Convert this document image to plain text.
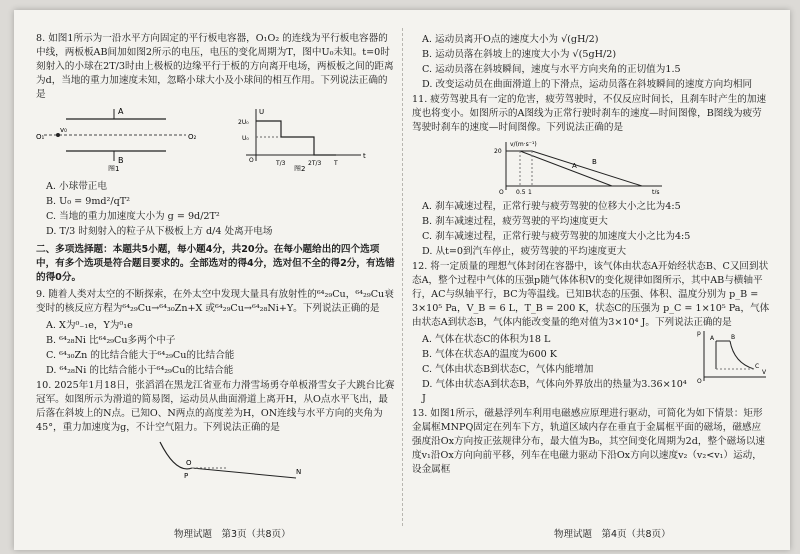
8. 如图1所示为一沿水平方向固定的平行板电容器，O₁O₂ 的连线为平行板电容器的中线，两板板AB间加如图2所示的电压，电压的变化周期为T，图中U₀未知。t=0时刻射入的小球在2T/3时由上极板的边缘平行于板的方向离开电场，两板板之间的距离为d，当地的重力加速度未知，忽略小球大小及小球间的相互作用。下列说法正确的是

A
B
O₁	O₂
v₀
图1
U
t
O
2U₀
U₀
T/3	2T/3 T
图2

A. 小球带正电

B. U₀ = 9md²/qT²

C. 当地的重力加速度大小为 g = 9d/2T²

D. T/3 时刻射入的粒子从下极板上方 d/4 处离开电场

二、多项选择题：本题共5小题，每小题4分，共20分。在每小题给出的四个选项中，有多个选项是符合题目要求的。全部选对的得4分，选对但不全的得2分，有选错的得0分。

9. 随着人类对太空的不断探索，在外太空中发现大量具有放射性的⁶⁴₂₉Cu，⁶⁴₂₉Cu衰变时的核反应方程为⁶⁴₂₉Cu→⁶⁴₃₀Zn+X 或⁶⁴₂₉Cu→⁶⁴₂₈Ni+Y。下列说法正确的是

A. X为⁰₋₁e，Y为⁰₁e

B. ⁶⁴₂₈Ni 比⁶⁴₂₉Cu多两个中子

C. ⁶⁴₃₀Zn 的比结合能大于⁶⁴₂₉Cu的比结合能

D. ⁶⁴₂₈Ni 的比结合能小于⁶⁴₂₉Cu的比结合能

10. 2025年1月18日，张滔滔在黑龙江省亚布力滑雪场勇夺单板滑雪女子大跳台比赛冠军。如图所示为滑道的简易图，运动员从曲面滑道上离开H，从O点水平飞出，最后落在斜坡上的N点。已知O、N两点的高度差为H，ON连线与水平方向的夹角为45°，重力加速度为g，不计空气阻力。下列说法正确的是

O
P	N

A. 运动员离开O点的速度大小为 √(gH/2)

B. 运动员落在斜坡上的速度大小为 √(5gH/2)

C. 运动员落在斜坡瞬间，速度与水平方向夹角的正切值为1.5

D. 改变运动员在曲面滑道上的下滑点，运动员落在斜坡瞬间的速度方向均相同

11. 疲劳驾驶具有一定的危害，疲劳驾驶时，不仅反应时间长，且刹车时产生的加速度也将变小。如图所示的A图线为正常行驶时刹车的速度—时间图像，B图线为疲劳驾驶时刹车的速度—时间图像。下列说法正确的是

v/(m·s⁻¹)
20
t/s
O 0.5 1
A B

A. 刹车减速过程，正常行驶与疲劳驾驶的位移大小之比为4:5

B. 刹车减速过程，疲劳驾驶的平均速度更大

C. 刹车减速过程，正常行驶与疲劳驾驶的加速度大小之比为4:5

D. 从t=0到汽车停止，疲劳驾驶的平均速度更大

12. 将一定质量的理想气体封闭在容器中，该气体由状态A开始经状态B、C又回到状态A，整个过程中气体的压强p随气体体积V的变化规律如图所示，其中AB与横轴平行，AC与纵轴平行，BC为等温线。已知B状态的压强、体积、温度分别为 p_B = 3×10⁵ Pa，V_B = 6 L，T_B = 200 K，状态C的压强为 p_C = 1×10⁵ Pa，气体由状态A到状态B，气体内能改变量的绝对值为3×10⁴ J。下列说法正确的是

A. 气体在状态C的体积为18 L

B. 气体在状态A的温度为600 K

C. 气体由状态B到状态C，气体内能增加

D. 气体由状态A到状态B，气体向外界放出的热量为3.36×10⁴ J

p
V
O
A	B
C

13. 如图1所示，磁悬浮列车利用电磁感应原理进行驱动，可简化为如下情景：矩形金属框MNPQ固定在列车下方，轨道区域内存在垂直于金属框平面的磁场，磁感应强度沿Ox方向按正弦规律分布，最大值为B₀，其空间变化周期为2d，整个磁场以速度v₁沿Ox方向向前平移，列车在电磁力驱动下沿Ox方向以速度v₂（v₂<v₁）运动，设金属框

物理试题　第3页（共8页）	物理试题　第4页（共8页）
